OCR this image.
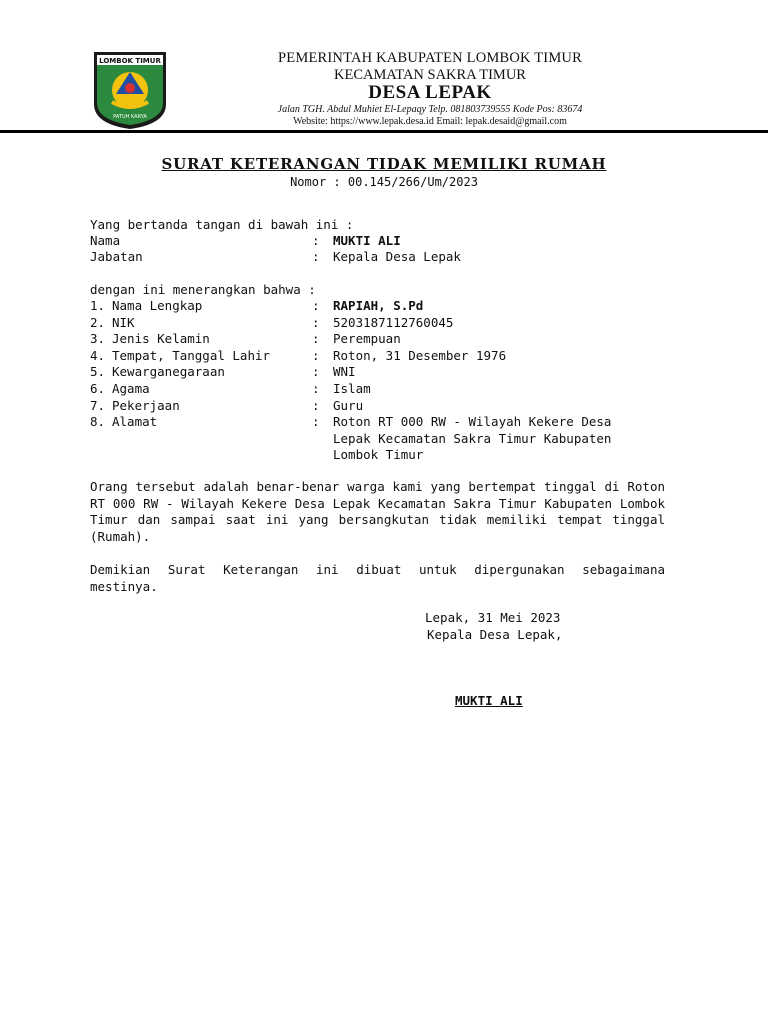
LOMBOK TIMUR
PATUH KARYA
PEMERINTAH KABUPATEN LOMBOK TIMUR
KECAMATAN SAKRA TIMUR
DESA LEPAK
Jalan TGH. Abdul Muhiet El-Lepaqy Telp. 081803739555 Kode Pos: 83674
Website: https://www.lepak.desa.id Email: lepak.desaid@gmail.com
SURAT KETERANGAN TIDAK MEMILIKI RUMAH
Nomor : 00.145/266/Um/2023
Yang bertanda tangan di bawah ini :
Nama	: MUKTI ALI
Jabatan	: Kepala Desa Lepak
dengan ini menerangkan bahwa :
1. Nama Lengkap	: RAPIAH, S.Pd
2. NIK	: 5203187112760045
3. Jenis Kelamin	: Perempuan
4. Tempat, Tanggal Lahir	: Roton, 31 Desember 1976
5. Kewarganegaraan	: WNI
6. Agama	: Islam
7. Pekerjaan	: Guru
8. Alamat	: Roton RT 000 RW - Wilayah Kekere Desa
Lepak Kecamatan Sakra Timur Kabupaten
Lombok Timur
Orang tersebut adalah benar-benar warga kami yang bertempat tinggal di Roton RT 000 RW - Wilayah Kekere Desa Lepak Kecamatan Sakra Timur Kabupaten Lombok Timur dan sampai saat ini yang bersangkutan tidak memiliki tempat tinggal (Rumah).
Demikian Surat Keterangan ini dibuat untuk dipergunakan sebagaimana mestinya.
Lepak, 31 Mei 2023
Kepala Desa Lepak,
MUKTI ALI
